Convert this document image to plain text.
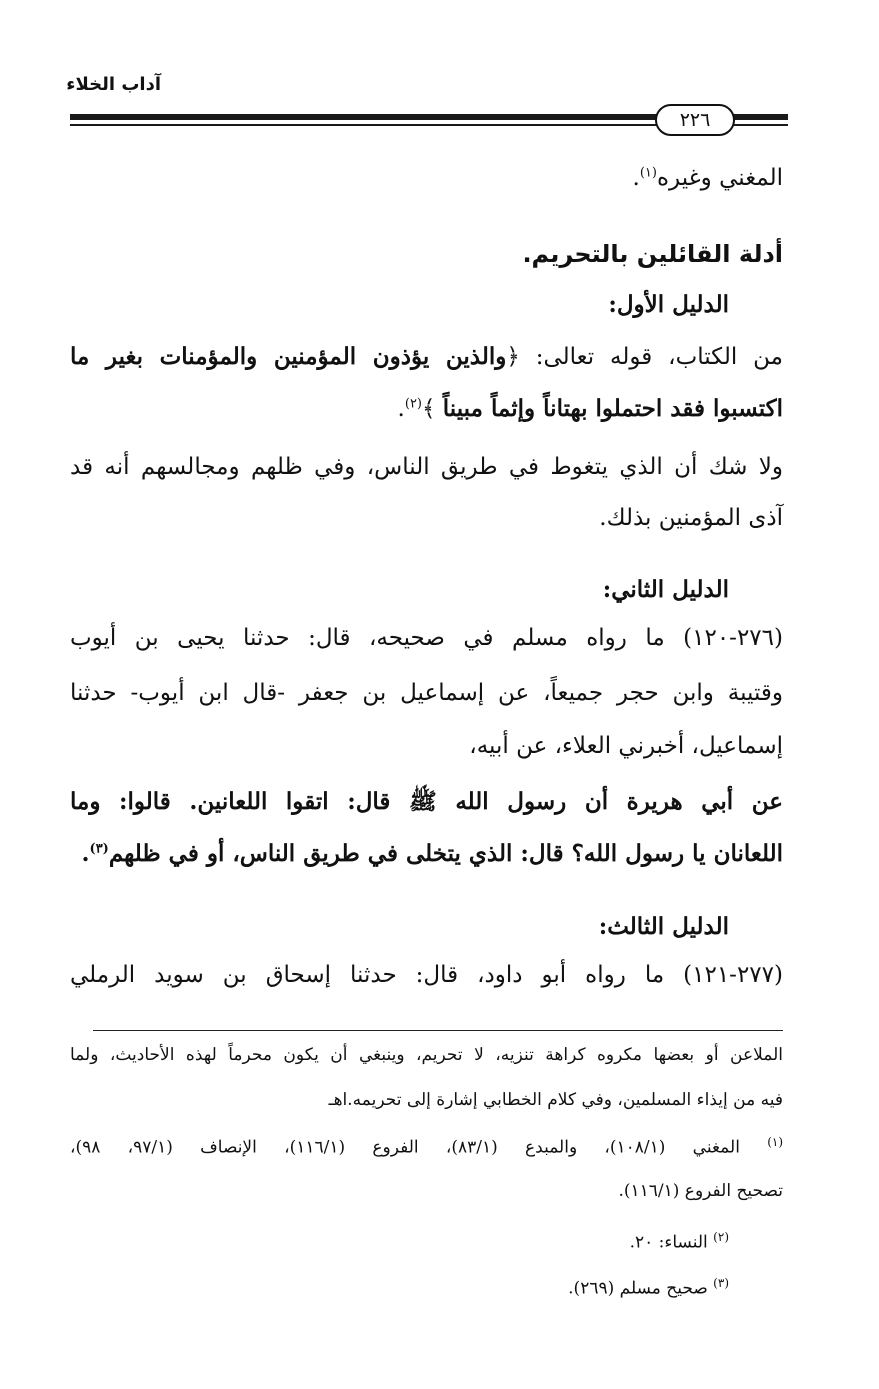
آداب الخلاء
٢٢٦
المغني وغيره$^{(١)}$.
أدلة القائلين بالتحريم.
الدليل الأول:
من الكتاب، قوله تعالى: ﴿والذين يؤذون المؤمنين والمؤمنات بغير ما
اكتسبوا فقد احتملوا بهتاناً وإثماً مبيناً ﴾$^{(٢)}$.
ولا شك أن الذي يتغوط في طريق الناس، وفي ظلهم ومجالسهم أنه قد
آذى المؤمنين بذلك.
الدليل الثاني:
(٢٧٦-١٢٠) ما رواه مسلم في صحيحه، قال: حدثنا يحيى بن أيوب
وقتيبة وابن حجر جميعاً، عن إسماعيل بن جعفر -قال ابن أيوب- حدثنا
إسماعيل، أخبرني العلاء، عن أبيه،
عن أبي هريرة أن رسول الله ﷺ قال: اتقوا اللعانين. قالوا: وما
اللعانان يا رسول الله؟ قال: الذي يتخلى في طريق الناس، أو في ظلهم$^{(٣)}$.
الدليل الثالث:
(٢٧٧-١٢١) ما رواه أبو داود، قال: حدثنا إسحاق بن سويد الرملي
الملاعن أو بعضها مكروه كراهة تنزيه، لا تحريم، وينبغي أن يكون محرماً لهذه الأحاديث، ولما
فيه من إيذاء المسلمين، وفي كلام الخطابي إشارة إلى تحريمه.اهـ
$^{(١)}$ المغني (١٠٨/١)، والمبدع (٨٣/١)، الفروع (١١٦/١)، الإنصاف (٩٧/١، ٩٨)،
تصحيح الفروع (١١٦/١).
$^{(٢)}$ النساء: ٢٠.
$^{(٣)}$ صحيح مسلم (٢٦٩).
